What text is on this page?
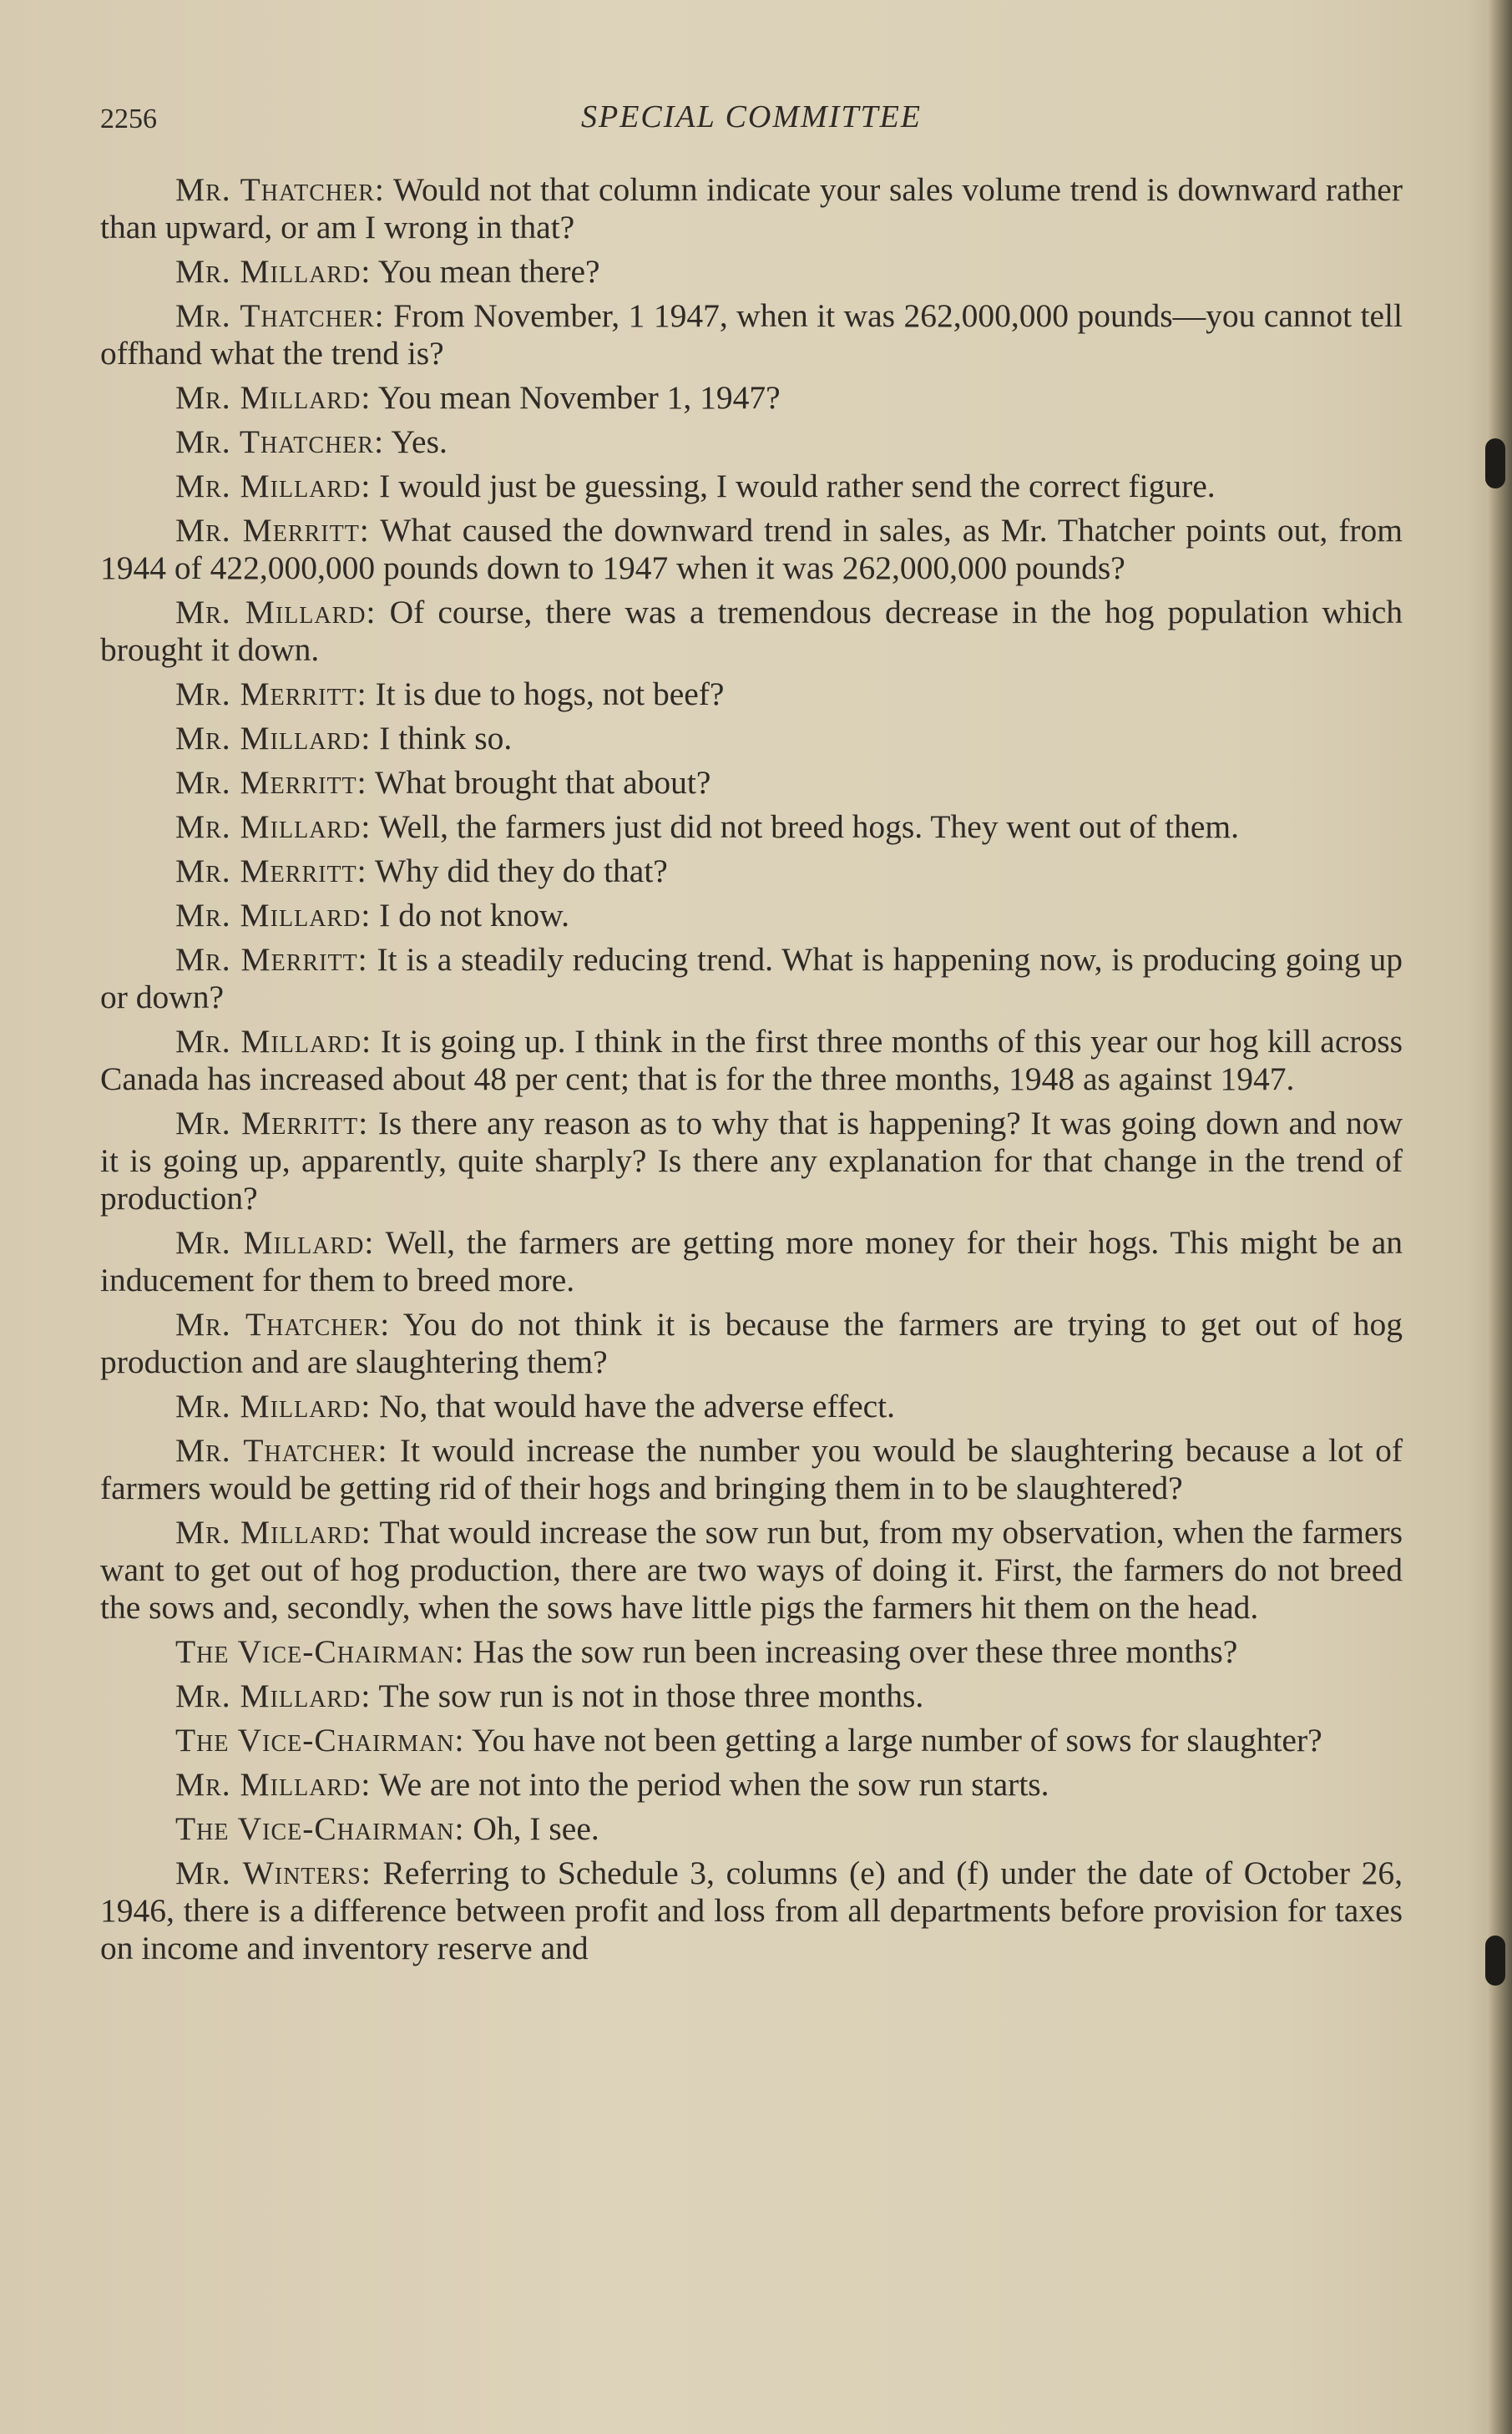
2256	SPECIAL COMMITTEE

Mr. Thatcher: Would not that column indicate your sales volume trend is downward rather than upward, or am I wrong in that?

Mr. Millard: You mean there?

Mr. Thatcher: From November, 1 1947, when it was 262,000,000 pounds—you cannot tell offhand what the trend is?

Mr. Millard: You mean November 1, 1947?

Mr. Thatcher: Yes.

Mr. Millard: I would just be guessing, I would rather send the correct figure.

Mr. Merritt: What caused the downward trend in sales, as Mr. Thatcher points out, from 1944 of 422,000,000 pounds down to 1947 when it was 262,000,000 pounds?

Mr. Millard: Of course, there was a tremendous decrease in the hog population which brought it down.

Mr. Merritt: It is due to hogs, not beef?

Mr. Millard: I think so.

Mr. Merritt: What brought that about?

Mr. Millard: Well, the farmers just did not breed hogs. They went out of them.

Mr. Merritt: Why did they do that?

Mr. Millard: I do not know.

Mr. Merritt: It is a steadily reducing trend. What is happening now, is producing going up or down?

Mr. Millard: It is going up. I think in the first three months of this year our hog kill across Canada has increased about 48 per cent; that is for the three months, 1948 as against 1947.

Mr. Merritt: Is there any reason as to why that is happening? It was going down and now it is going up, apparently, quite sharply? Is there any explanation for that change in the trend of production?

Mr. Millard: Well, the farmers are getting more money for their hogs. This might be an inducement for them to breed more.

Mr. Thatcher: You do not think it is because the farmers are trying to get out of hog production and are slaughtering them?

Mr. Millard: No, that would have the adverse effect.

Mr. Thatcher: It would increase the number you would be slaughtering because a lot of farmers would be getting rid of their hogs and bringing them in to be slaughtered?

Mr. Millard: That would increase the sow run but, from my observation, when the farmers want to get out of hog production, there are two ways of doing it. First, the farmers do not breed the sows and, secondly, when the sows have little pigs the farmers hit them on the head.

The Vice-Chairman: Has the sow run been increasing over these three months?

Mr. Millard: The sow run is not in those three months.

The Vice-Chairman: You have not been getting a large number of sows for slaughter?

Mr. Millard: We are not into the period when the sow run starts.

The Vice-Chairman: Oh, I see.

Mr. Winters: Referring to Schedule 3, columns (e) and (f) under the date of October 26, 1946, there is a difference between profit and loss from all departments before provision for taxes on income and inventory reserve and
